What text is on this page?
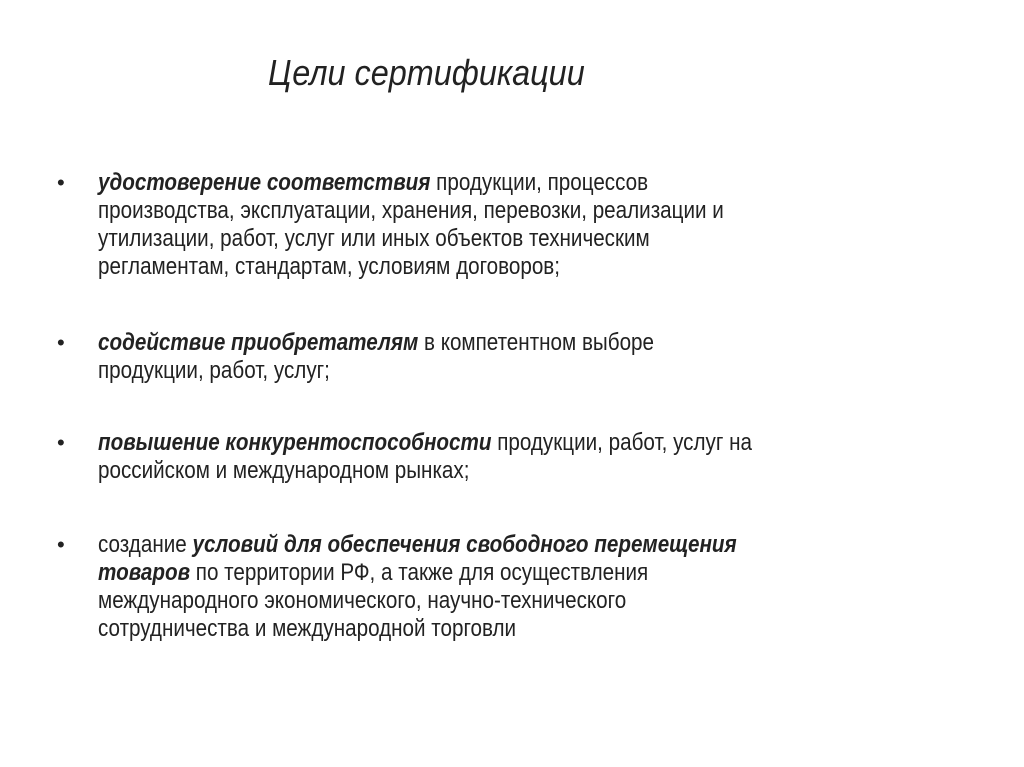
Цели сертификации
• удостоверение соответствия продукции, процессов
производства, эксплуатации, хранения, перевозки, реализации и
утилизации, работ, услуг или иных объектов техническим
регламентам, стандартам, условиям договоров;
• содействие приобретателям в компетентном выборе
продукции, работ, услуг;
• повышение конкурентоспособности продукции, работ, услуг на
российском и международном рынках;
• создание условий для обеспечения свободного перемещения
товаров по территории РФ, а также для осуществления
международного экономического, научно-технического
сотрудничества и международной торговли
